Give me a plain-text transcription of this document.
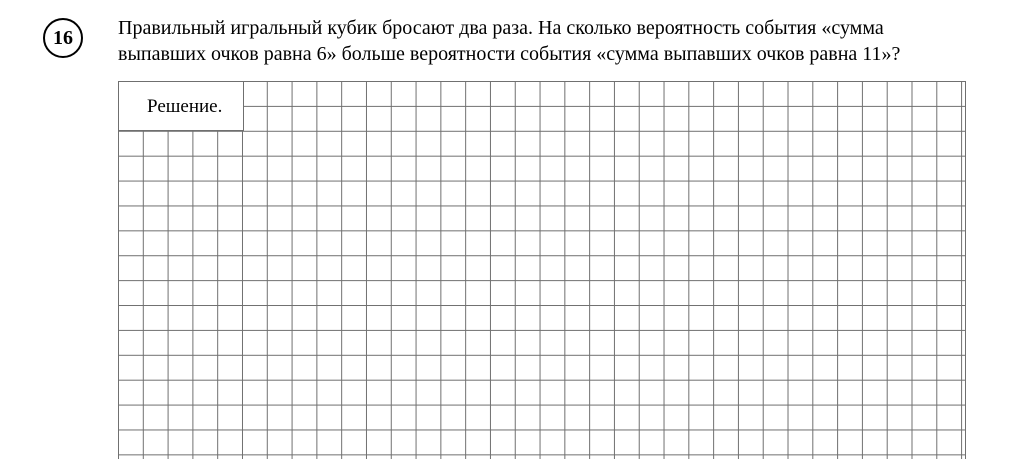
16 Правильный игральный кубик бросают два раза. На сколько вероятность события «сумма
выпавших очков равна 6» больше вероятности события «сумма выпавших очков равна 11»?
Решение.
